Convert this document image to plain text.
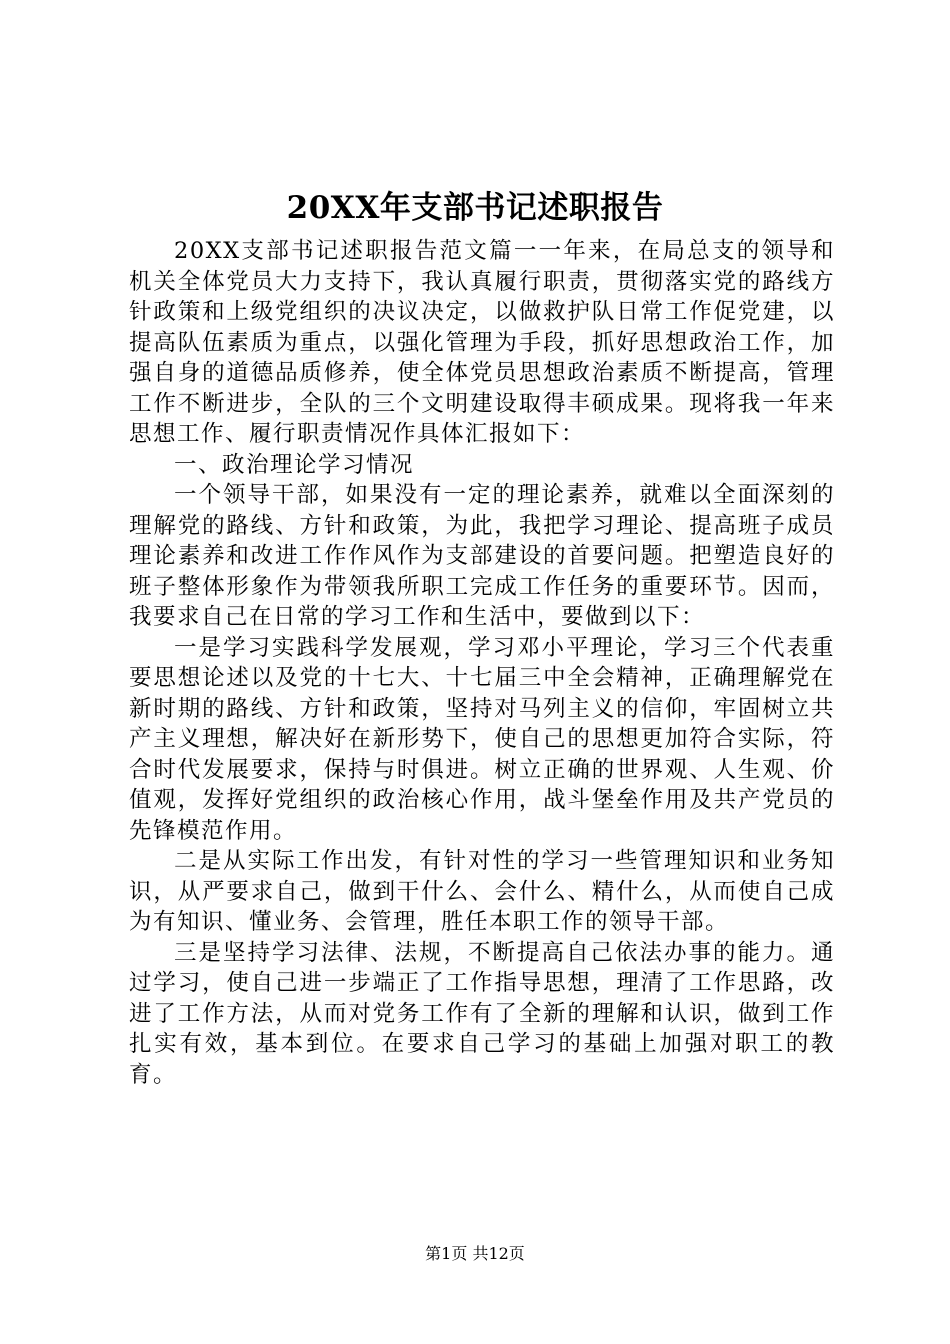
20XX年支部书记述职报告

20XX支部书记述职报告范文篇一一年来，在局总支的领导和机关全体党员大力支持下，我认真履行职责，贯彻落实党的路线方针政策和上级党组织的决议决定，以做救护队日常工作促党建，以提高队伍素质为重点，以强化管理为手段，抓好思想政治工作，加强自身的道德品质修养，使全体党员思想政治素质不断提高，管理工作不断进步，全队的三个文明建设取得丰硕成果。现将我一年来思想工作、履行职责情况作具体汇报如下：

一、政治理论学习情况

一个领导干部，如果没有一定的理论素养，就难以全面深刻的理解党的路线、方针和政策，为此，我把学习理论、提高班子成员理论素养和改进工作作风作为支部建设的首要问题。把塑造良好的班子整体形象作为带领我所职工完成工作任务的重要环节。因而，我要求自己在日常的学习工作和生活中，要做到以下：

一是学习实践科学发展观，学习邓小平理论，学习三个代表重要思想论述以及党的十七大、十七届三中全会精神，正确理解党在新时期的路线、方针和政策，坚持对马列主义的信仰，牢固树立共产主义理想，解决好在新形势下，使自己的思想更加符合实际，符合时代发展要求，保持与时俱进。树立正确的世界观、人生观、价值观，发挥好党组织的政治核心作用，战斗堡垒作用及共产党员的先锋模范作用。

二是从实际工作出发，有针对性的学习一些管理知识和业务知识，从严要求自己，做到干什么、会什么、精什么，从而使自己成为有知识、懂业务、会管理，胜任本职工作的领导干部。

三是坚持学习法律、法规，不断提高自己依法办事的能力。通过学习，使自己进一步端正了工作指导思想，理清了工作思路，改进了工作方法，从而对党务工作有了全新的理解和认识，做到工作扎实有效，基本到位。在要求自己学习的基础上加强对职工的教育。

第1页 共12页
